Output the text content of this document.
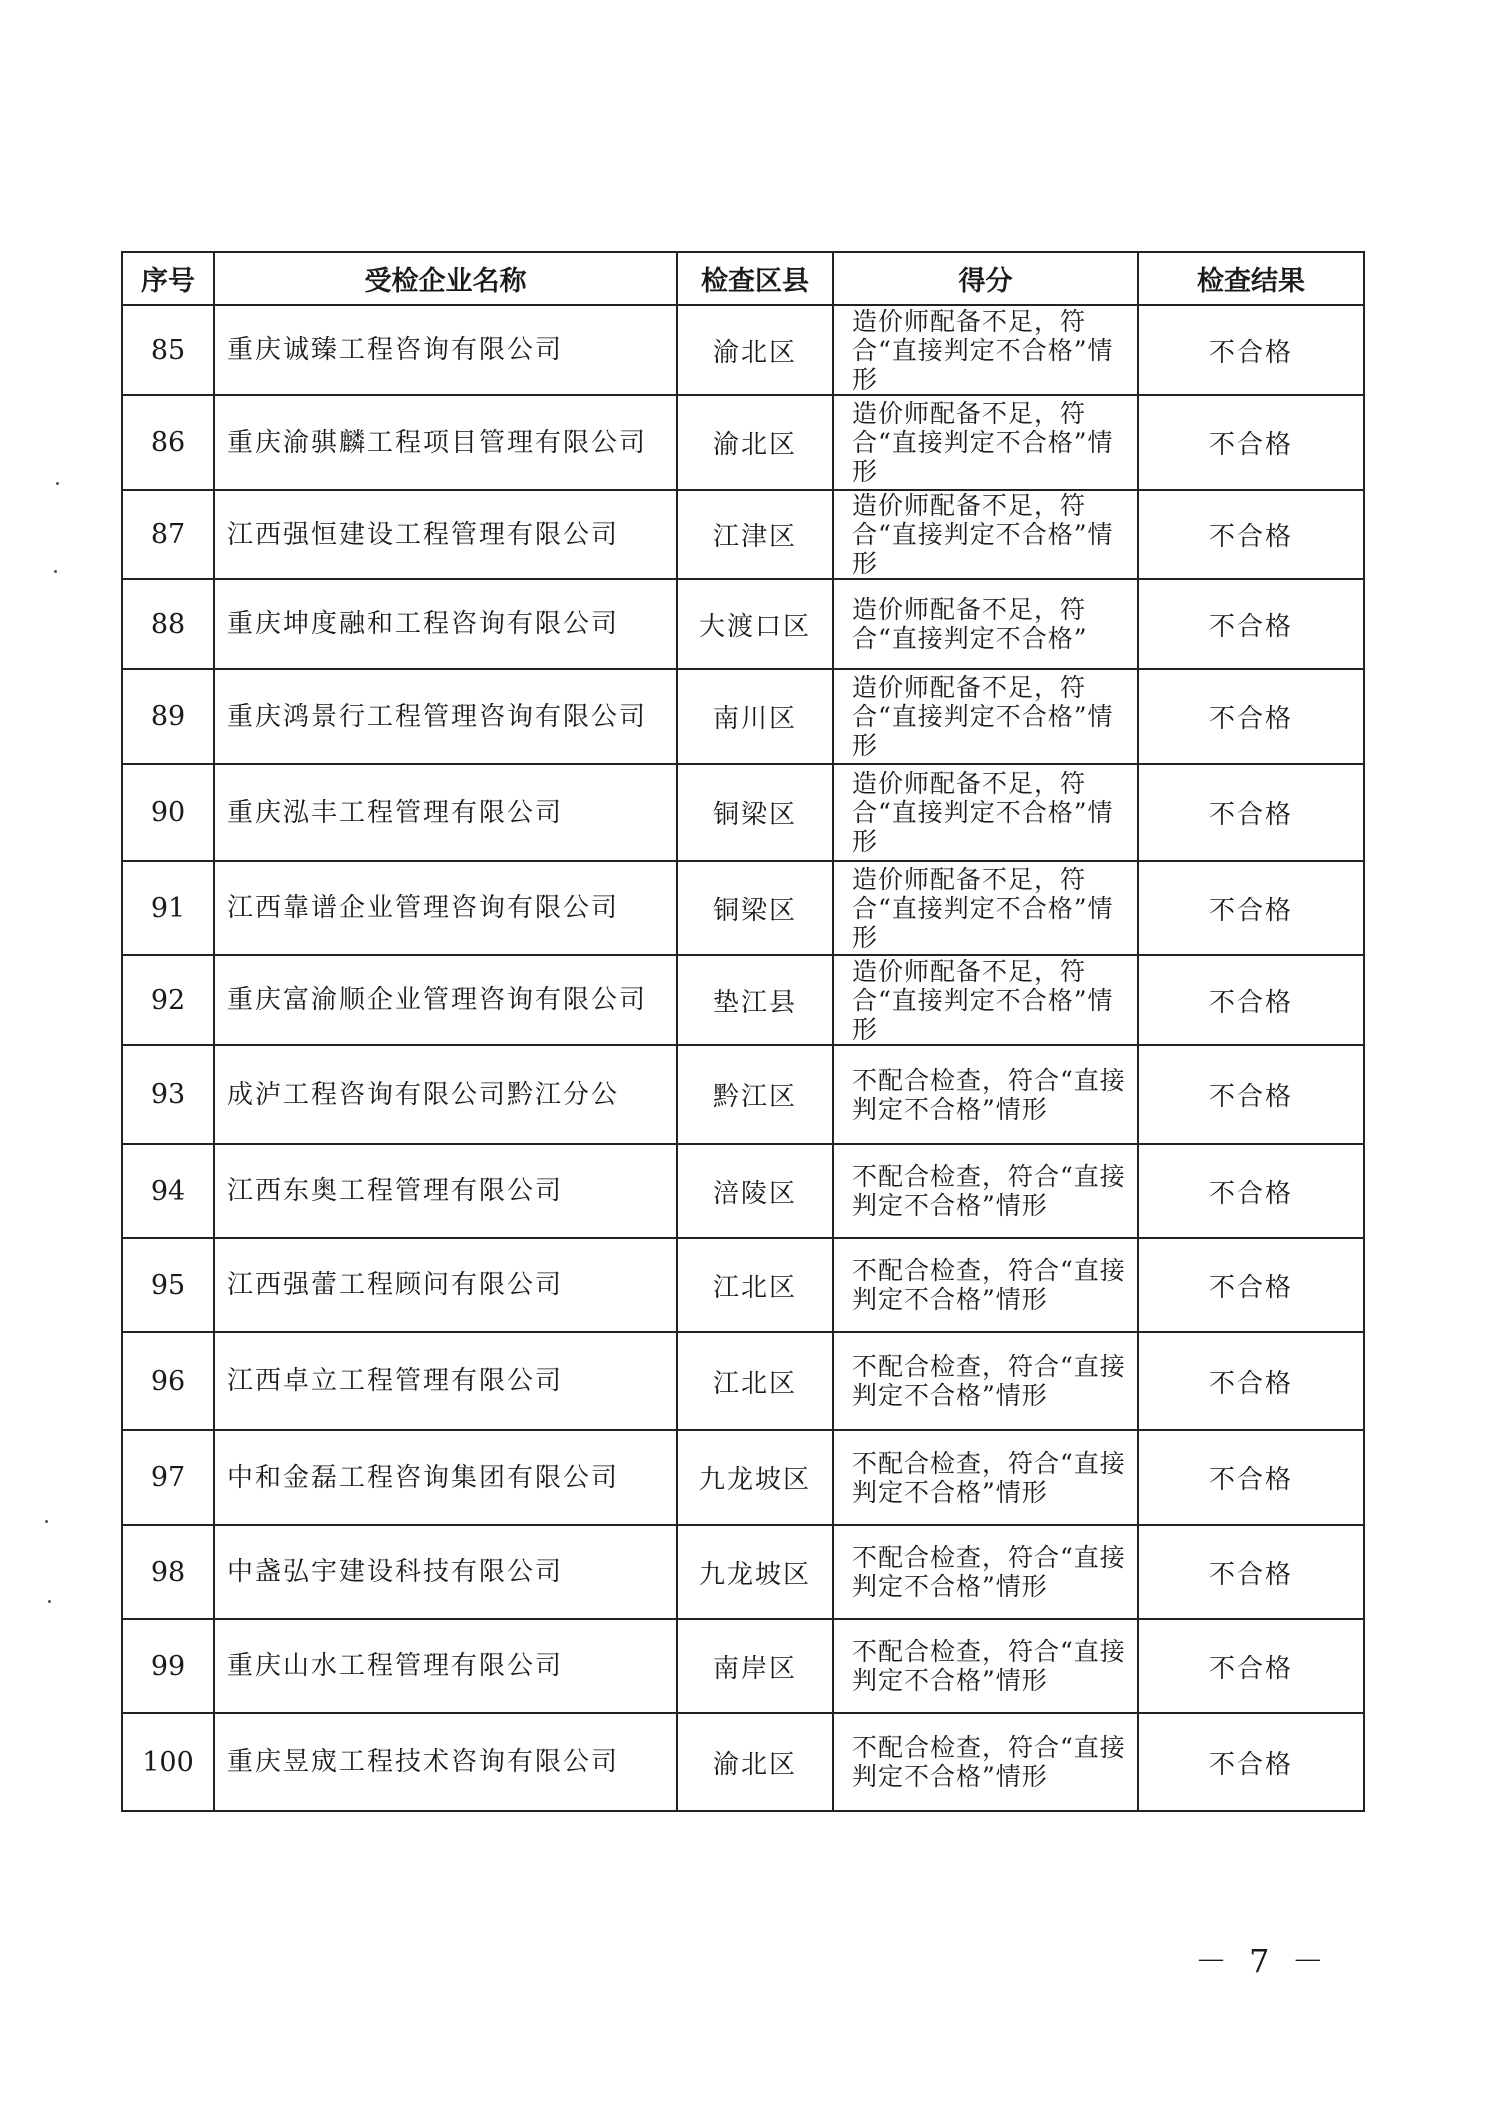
序号	受检企业名称	检查区县	得分	检查结果
85	重庆诚臻工程咨询有限公司	渝北区	造价师配备不足，符合“直接判定不合格”情形	不合格
86	重庆渝骐麟工程项目管理有限公司	渝北区	造价师配备不足，符合“直接判定不合格”情形	不合格
87	江西强恒建设工程管理有限公司	江津区	造价师配备不足，符合“直接判定不合格”情形	不合格
88	重庆坤度融和工程咨询有限公司	大渡口区	造价师配备不足，符合“直接判定不合格”	不合格
89	重庆鸿景行工程管理咨询有限公司	南川区	造价师配备不足，符合“直接判定不合格”情形	不合格
90	重庆泓丰工程管理有限公司	铜梁区	造价师配备不足，符合“直接判定不合格”情形	不合格
91	江西靠谱企业管理咨询有限公司	铜梁区	造价师配备不足，符合“直接判定不合格”情形	不合格
92	重庆富渝顺企业管理咨询有限公司	垫江县	造价师配备不足，符合“直接判定不合格”情形	不合格
93	成泸工程咨询有限公司黔江分公	黔江区	不配合检查，符合“直接判定不合格”情形	不合格
94	江西东奥工程管理有限公司	涪陵区	不配合检查，符合“直接判定不合格”情形	不合格
95	江西强蕾工程顾问有限公司	江北区	不配合检查，符合“直接判定不合格”情形	不合格
96	江西卓立工程管理有限公司	江北区	不配合检查，符合“直接判定不合格”情形	不合格
97	中和金磊工程咨询集团有限公司	九龙坡区	不配合检查，符合“直接判定不合格”情形	不合格
98	中盏弘宇建设科技有限公司	九龙坡区	不配合检查，符合“直接判定不合格”情形	不合格
99	重庆山水工程管理有限公司	南岸区	不配合检查，符合“直接判定不合格”情形	不合格
100	重庆昱宬工程技术咨询有限公司	渝北区	不配合检查，符合“直接判定不合格”情形	不合格
－ 7 －
